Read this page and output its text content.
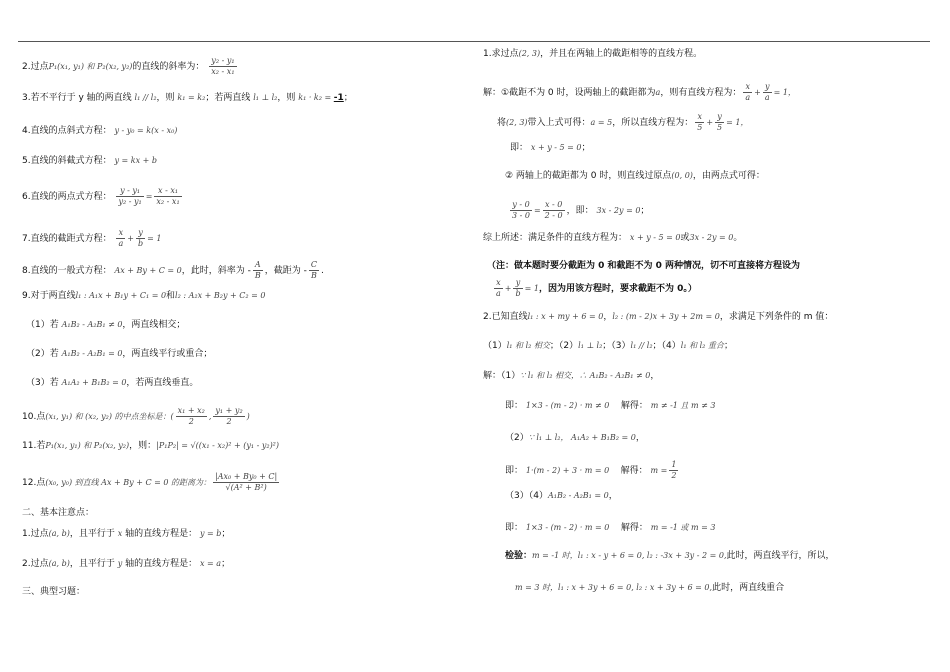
2.过点P₁(x₁, y₁) 和 P₂(x₂, y₂)的直线的斜率为： $\frac{\text{y₂ - y₁}}{\text{x₂ - x₁}}$
3.若不平行于 y 轴的两直线 l₁ // l₂，则 k₁ = k₂；若两直线 l₁ ⊥ l₂，则 k₁ · k₂ = -1；
4.直线的点斜式方程： y - y₀ = k(x - x₀)
5.直线的斜截式方程： y = kx + b
6.直线的两点式方程： $\frac{\text{y - y₁}}{\text{y₂ - y₁}} = \frac{\text{x - x₁}}{\text{x₂ - x₁}}$
7.直线的截距式方程： $\frac{x}{a} + \frac{y}{b} = 1$
8.直线的一般式方程： Ax + By + C = 0，此时，斜率为 - $\frac{A}{B}$ ，截距为 - $\frac{C}{B}$ .
9.对于两直线l₁ : A₁x + B₁y + C₁ = 0和l₂ : A₂x + B₂y + C₂ = 0
（1）若 A₁B₂ - A₂B₁ ≠ 0，两直线相交；
（2）若 A₁B₂ - A₂B₁ = 0，两直线平行或重合；
（3）若 A₁A₂ + B₁B₂ = 0，若两直线垂直。
10.点(x₁, y₁) 和 (x₂, y₂) 的中点坐标是：( $\frac{\text{x₁ + x₂}}{2}$ , $\frac{\text{y₁ + y₂}}{2}$ )
11.若P₁(x₁, y₁) 和 P₂(x₂, y₂)，则：|P₁P₂| = √((x₁ - x₂)² + (y₁ - y₂)²)
12.点(x₀, y₀) 到直线 Ax + By + C = 0 的距离为： $\frac{\text{|Ax₀ + By₀ + C|}}{\text{√(A² + B²)}}$
二、基本注意点：
1.过点(a, b)，且平行于 x 轴的直线方程是： y = b；
2.过点(a, b)，且平行于 y 轴的直线方程是： x = a；
三、典型习题：
1.求过点(2, 3)，并且在两轴上的截距相等的直线方程。
解：①截距不为 0 时，设两轴上的截距都为a，则有直线方程为： $\frac{x}{a} + \frac{y}{a} = 1$，
将(2, 3)带入上式可得：a = 5，所以直线方程为： $\frac{x}{5} + \frac{y}{5} = 1$，
即： x + y - 5 = 0；
② 两轴上的截距都为 0 时，则直线过原点(0, 0)，由两点式可得：
$\frac{y - 0}{3 - 0} = \frac{x - 0}{2 - 0}$ ，即： 3x - 2y = 0；
综上所述：满足条件的直线方程为： x + y - 5 = 0或3x - 2y = 0。
（注：做本题时要分截距为 0 和截距不为 0 两种情况，切不可直接将方程设为
$\frac{x}{a} + \frac{y}{b} = 1$，因为用该方程时，要求截距不为 0。）
2.已知直线l₁ : x + my + 6 = 0，l₂ : (m - 2)x + 3y + 2m = 0，求满足下列条件的 m 值：
（1）l₁ 和 l₂ 相交；（2）l₁ ⊥ l₂；（3）l₁ // l₂；（4）l₁ 和 l₂ 重合；
解：（1）∵ l₁ 和 l₂ 相交，∴ A₁B₂ - A₂B₁ ≠ 0，
即： 1×3 - (m - 2) · m ≠ 0 解得： m ≠ -1 且 m ≠ 3
（2）∵ l₁ ⊥ l₂， A₁A₂ + B₁B₂ = 0，
即： 1·(m - 2) + 3 · m = 0 解得： $m = \frac{1}{2}$
（3）（4）A₁B₂ - A₂B₁ = 0，
即： 1×3 - (m - 2) · m = 0 解得： m = -1 或 m = 3
检验：m = -1 时，l₁ : x - y + 6 = 0, l₂ : -3x + 3y - 2 = 0,此时，两直线平行，所以，
m = 3 时，l₁ : x + 3y + 6 = 0, l₂ : x + 3y + 6 = 0,此时，两直线重合
